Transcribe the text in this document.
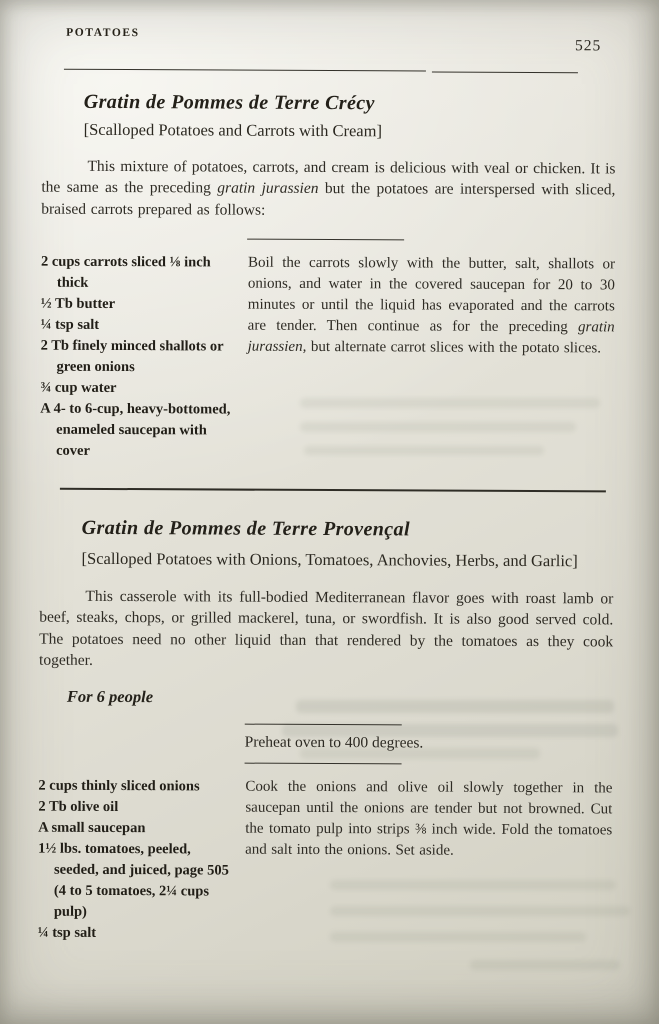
POTATOES
525
Gratin de Pommes de Terre Crécy
[Scalloped Potatoes and Carrots with Cream]

This mixture of potatoes, carrots, and cream is delicious with veal or chicken. It is the same as the preceding gratin jurassien but the potatoes are interspersed with sliced, braised carrots prepared as follows:

2 cups carrots sliced ⅛ inch thick
½ Tb butter
¼ tsp salt
2 Tb finely minced shallots or green onions
¾ cup water
A 4- to 6-cup, heavy-bottomed, enameled saucepan with cover

Boil the carrots slowly with the butter, salt, shallots or onions, and water in the covered saucepan for 20 to 30 minutes or until the liquid has evaporated and the carrots are tender. Then continue as for the preceding gratin jurassien, but alternate carrot slices with the potato slices.

Gratin de Pommes de Terre Provençal
[Scalloped Potatoes with Onions, Tomatoes, Anchovies, Herbs, and Garlic]

This casserole with its full-bodied Mediterranean flavor goes with roast lamb or beef, steaks, chops, or grilled mackerel, tuna, or swordfish. It is also good served cold. The potatoes need no other liquid than that rendered by the tomatoes as they cook together.

For 6 people
Preheat oven to 400 degrees.
2 cups thinly sliced onions
2 Tb olive oil
A small saucepan
1½ lbs. tomatoes, peeled, seeded, and juiced, page 505 (4 to 5 tomatoes, 2¼ cups pulp)
¼ tsp salt

Cook the onions and olive oil slowly together in the saucepan until the onions are tender but not browned. Cut the tomato pulp into strips ⅜ inch wide. Fold the tomatoes and salt into the onions. Set aside.
